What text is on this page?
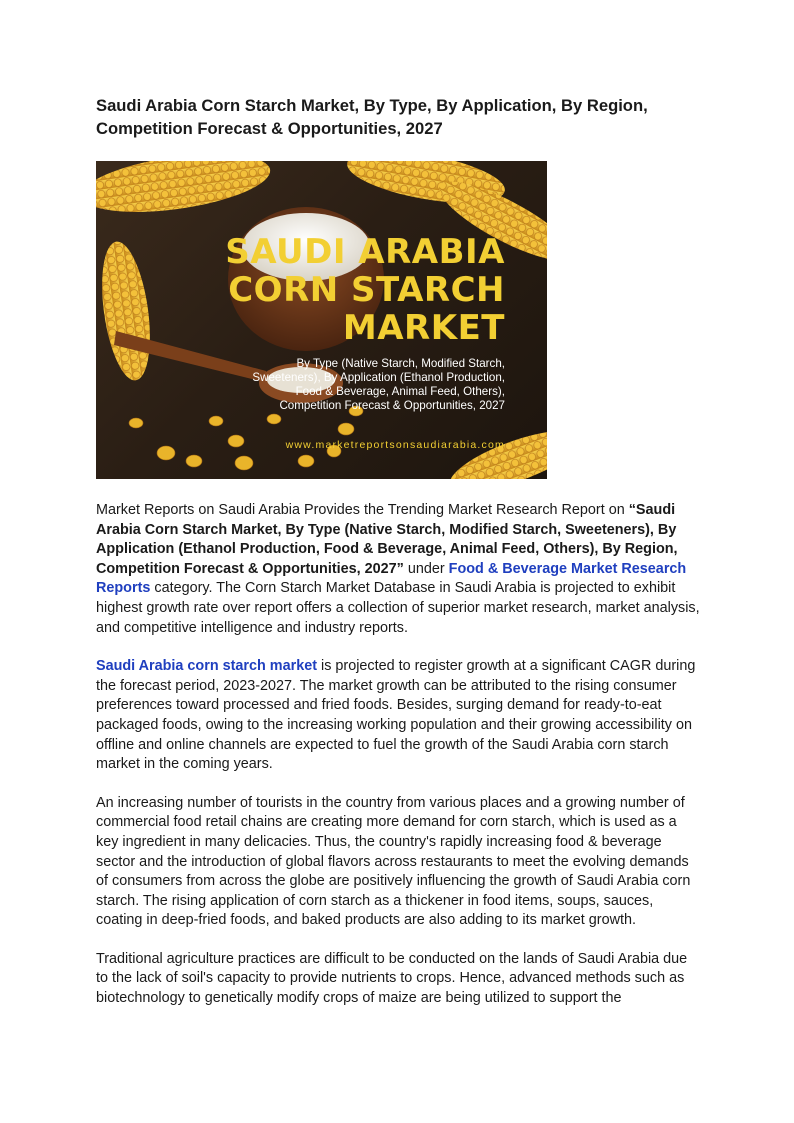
Saudi Arabia Corn Starch Market, By Type, By Application, By Region, Competition Forecast & Opportunities, 2027
SAUDI ARABIA
CORN STARCH
MARKET
By Type (Native Starch, Modified Starch,
Sweeteners), By Application (Ethanol Production,
Food & Beverage, Animal Feed, Others),
Competition Forecast & Opportunities, 2027
www.marketreportsonsaudiarabia.com

Market Reports on Saudi Arabia Provides the Trending Market Research Report on “Saudi Arabia Corn Starch Market, By Type (Native Starch, Modified Starch, Sweeteners), By Application (Ethanol Production, Food & Beverage, Animal Feed, Others), By Region, Competition Forecast & Opportunities, 2027” under Food & Beverage Market Research Reports category. The Corn Starch Market Database in Saudi Arabia is projected to exhibit highest growth rate over report offers a collection of superior market research, market analysis, and competitive intelligence and industry reports.

Saudi Arabia corn starch market is projected to register growth at a significant CAGR during the forecast period, 2023-2027. The market growth can be attributed to the rising consumer preferences toward processed and fried foods. Besides, surging demand for ready-to-eat packaged foods, owing to the increasing working population and their growing accessibility on offline and online channels are expected to fuel the growth of the Saudi Arabia corn starch market in the coming years.

An increasing number of tourists in the country from various places and a growing number of commercial food retail chains are creating more demand for corn starch, which is used as a key ingredient in many delicacies. Thus, the country's rapidly increasing food & beverage sector and the introduction of global flavors across restaurants to meet the evolving demands of consumers from across the globe are positively influencing the growth of Saudi Arabia corn starch. The rising application of corn starch as a thickener in food items, soups, sauces, coating in deep-fried foods, and baked products are also adding to its market growth.

Traditional agriculture practices are difficult to be conducted on the lands of Saudi Arabia due to the lack of soil's capacity to provide nutrients to crops. Hence, advanced methods such as biotechnology to genetically modify crops of maize are being utilized to support the
